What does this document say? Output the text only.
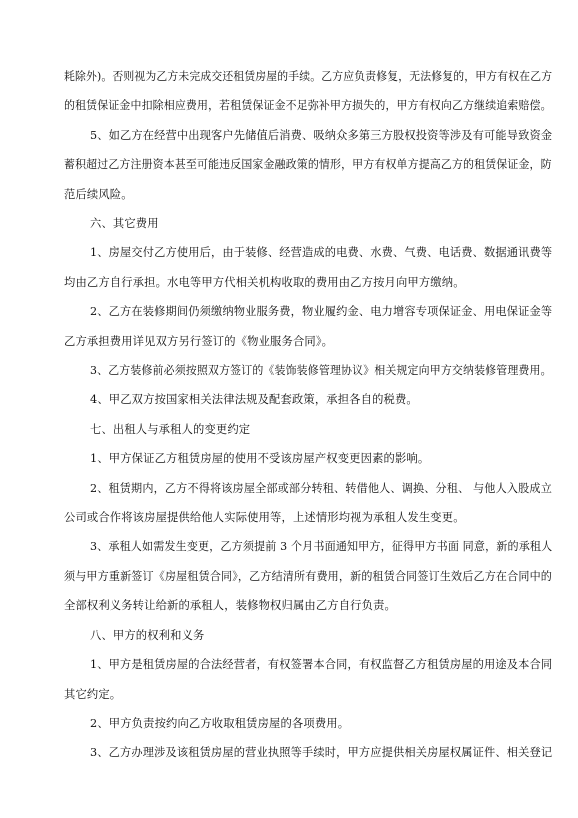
耗除外)。否则视为乙方未完成交还租赁房屋的手续。乙方应负责修复，无法修复的，甲方有权在乙方
的租赁保证金中扣除相应费用，若租赁保证金不足弥补甲方损失的，甲方有权向乙方继续追索赔偿。
5、如乙方在经营中出现客户先储值后消费、吸纳众多第三方股权投资等涉及有可能导致资金
蓄积超过乙方注册资本甚至可能违反国家金融政策的情形，甲方有权单方提高乙方的租赁保证金，防
范后续风险。
六、其它费用
1、房屋交付乙方使用后，由于装修、经营造成的电费、水费、气费、电话费、数据通讯费等
均由乙方自行承担。水电等甲方代相关机构收取的费用由乙方按月向甲方缴纳。
2、乙方在装修期间仍须缴纳物业服务费，物业履约金、电力增容专项保证金、用电保证金等
乙方承担费用详见双方另行签订的《物业服务合同》。
3、乙方装修前必须按照双方签订的《装饰装修管理协议》相关规定向甲方交纳装修管理费用。
4、甲乙双方按国家相关法律法规及配套政策，承担各自的税费。
七、出租人与承租人的变更约定
1、甲方保证乙方租赁房屋的使用不受该房屋产权变更因素的影响。
2、租赁期内，乙方不得将该房屋全部或部分转租、转借他人、调换、分租、 与他人入股成立
公司或合作将该房屋提供给他人实际使用等，上述情形均视为承租人发生变更。
3、承租人如需发生变更，乙方须提前 3 个月书面通知甲方，征得甲方书面 同意，新的承租人
须与甲方重新签订《房屋租赁合同》，乙方结清所有费用，新的租赁合同签订生效后乙方在合同中的
全部权利义务转让给新的承租人，装修物权归属由乙方自行负责。
八、甲方的权利和义务
1、甲方是租赁房屋的合法经营者，有权签署本合同，有权监督乙方租赁房屋的用途及本合同
其它约定。
2、甲方负责按约向乙方收取租赁房屋的各项费用。
3、乙方办理涉及该租赁房屋的营业执照等手续时，甲方应提供相关房屋权属证件、相关登记
